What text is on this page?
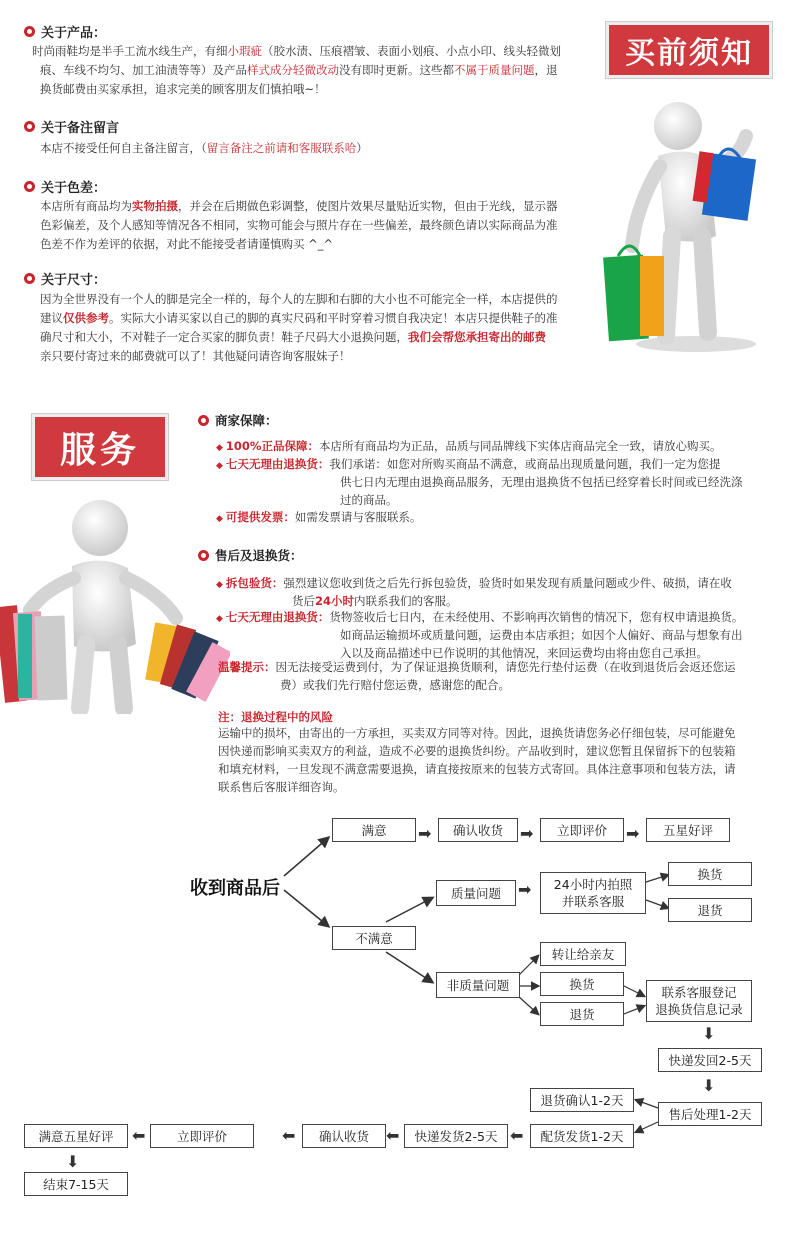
买前须知
关于产品：
时尚雨鞋均是半手工流水线生产，有细小瑕疵（胶水渍、压痕褶皱、表面小划痕、小点小印、线头轻微划
痕、车线不均匀、加工油渍等等）及产品样式成分轻微改动没有即时更新。这些都不属于质量问题，退
换货邮费由买家承担，追求完美的顾客朋友们慎拍哦~！
关于备注留言
本店不接受任何自主备注留言，（留言备注之前请和客服联系哈）
关于色差：
本店所有商品均为实物拍摄，并会在后期做色彩调整，使图片效果尽量贴近实物，但由于光线，显示器
色彩偏差，及个人感知等情况各不相同，实物可能会与照片存在一些偏差，最终颜色请以实际商品为准
色差不作为差评的依据，对此不能接受者请谨慎购买 ^_^
关于尺寸：
因为全世界没有一个人的脚是完全一样的，每个人的左脚和右脚的大小也不可能完全一样，本店提供的
建议仅供参考。实际大小请买家以自己的脚的真实尺码和平时穿着习惯自我决定！本店只提供鞋子的准
确尺寸和大小，不对鞋子一定合买家的脚负责！鞋子尺码大小退换问题，我们会帮您承担寄出的邮费
亲只要付寄过来的邮费就可以了！其他疑问请咨询客服妹子！
服务
商家保障：
◆ 100%正品保障：本店所有商品均为正品，品质与同品牌线下实体店商品完全一致，请放心购买。
◆ 七天无理由退换货：我们承诺：如您对所购买商品不满意，或商品出现质量问题，我们一定为您提
供七日内无理由退换商品服务，无理由退换货不包括已经穿着长时间或已经洗涤
过的商品。
◆ 可提供发票：如需发票请与客服联系。
售后及退换货：
◆ 拆包验货：强烈建议您收到货之后先行拆包验货，验货时如果发现有质量问题或少件、破损，请在收
货后24小时内联系我们的客服。
◆ 七天无理由退换货：货物签收后七日内，在未经使用、不影响再次销售的情况下，您有权申请退换货。
如商品运输损坏或质量问题，运费由本店承担；如因个人偏好、商品与想象有出
入以及商品描述中已作说明的其他情况，来回运费均由将由您自己承担。
温馨提示：因无法接受运费到付，为了保证退换货顺利，请您先行垫付运费（在收到退货后会返还您运
费）或我们先行赔付您运费，感谢您的配合。
注：退换过程中的风险
运输中的损坏，由寄出的一方承担，买卖双方同等对待。因此，退换货请您务必仔细包装，尽可能避免
因快递而影响买卖双方的利益，造成不必要的退换货纠纷。产品收到时，建议您暂且保留拆下的包装箱
和填充材料，一旦发现不满意需要退换，请直接按原来的包装方式寄回。具体注意事项和包装方法，请
联系售后客服详细咨询。
➡	➡	➡
➡
⬇
⬇
⬅
⬅
⬅
⬅
⬇
收到商品后
满意	确认收货	立即评价	五星好评
不满意
质量问题
24小时内拍照
并联系客服
换货
退货
非质量问题
转让给亲友
换货
退货
联系客服登记
退换货信息记录
快递发回2-5天
售后处理1-2天
退货确认1-2天
配货发货1-2天
快递发货2-5天
确认收货
立即评价
满意五星好评
结束7-15天
